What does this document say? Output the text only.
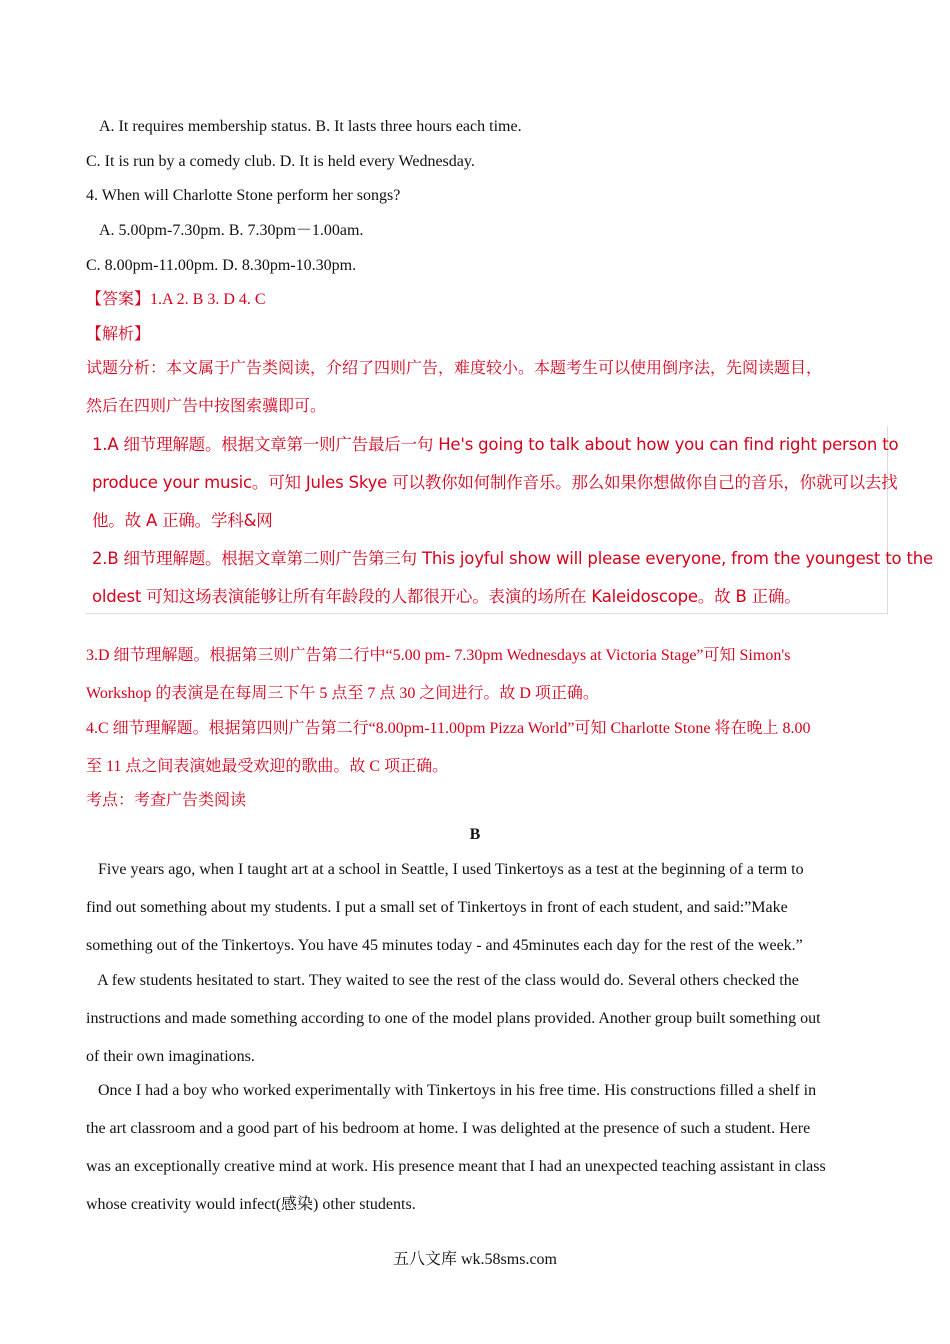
A. It requires membership status. B. It lasts three hours each time.
C. It is run by a comedy club. D. It is held every Wednesday.
4. When will Charlotte Stone perform her songs?
A. 5.00pm-7.30pm. B. 7.30pm－1.00am.
C. 8.00pm-11.00pm. D. 8.30pm-10.30pm.
【答案】1.A 2. B 3. D 4. C
【解析】
试题分析：本文属于广告类阅读，介绍了四则广告，难度较小。本题考生可以使用倒序法，先阅读题目，
然后在四则广告中按图索骥即可。
1.A 细节理解题。根据文章第一则广告最后一句 He's going to talk about how you can find right person to
produce your music。可知 Jules Skye 可以教你如何制作音乐。那么如果你想做你自己的音乐，你就可以去找
他。故 A 正确。学科&网
2.B 细节理解题。根据文章第二则广告第三句 This joyful show will please everyone, from the youngest to the
oldest 可知这场表演能够让所有年龄段的人都很开心。表演的场所在 Kaleidoscope。故 B 正确。
3.D 细节理解题。根据第三则广告第二行中“5.00 pm- 7.30pm Wednesdays at Victoria Stage”可知 Simon's
Workshop 的表演是在每周三下午 5 点至 7 点 30 之间进行。故 D 项正确。
4.C 细节理解题。根据第四则广告第二行“8.00pm-11.00pm Pizza World”可知 Charlotte Stone 将在晚上 8.00
至 11 点之间表演她最受欢迎的歌曲。故 C 项正确。
考点：考查广告类阅读
B
Five years ago, when I taught art at a school in Seattle, I used Tinkertoys as a test at the beginning of a term to
find out something about my students. I put a small set of Tinkertoys in front of each student, and said:”Make
something out of the Tinkertoys. You have 45 minutes today - and 45minutes each day for the rest of the week.”
A few students hesitated to start. They waited to see the rest of the class would do. Several others checked the
instructions and made something according to one of the model plans provided. Another group built something out
of their own imaginations.
Once I had a boy who worked experimentally with Tinkertoys in his free time. His constructions filled a shelf in
the art classroom and a good part of his bedroom at home. I was delighted at the presence of such a student. Here
was an exceptionally creative mind at work. His presence meant that I had an unexpected teaching assistant in class
whose creativity would infect(感染) other students.
五八文库 wk.58sms.com
